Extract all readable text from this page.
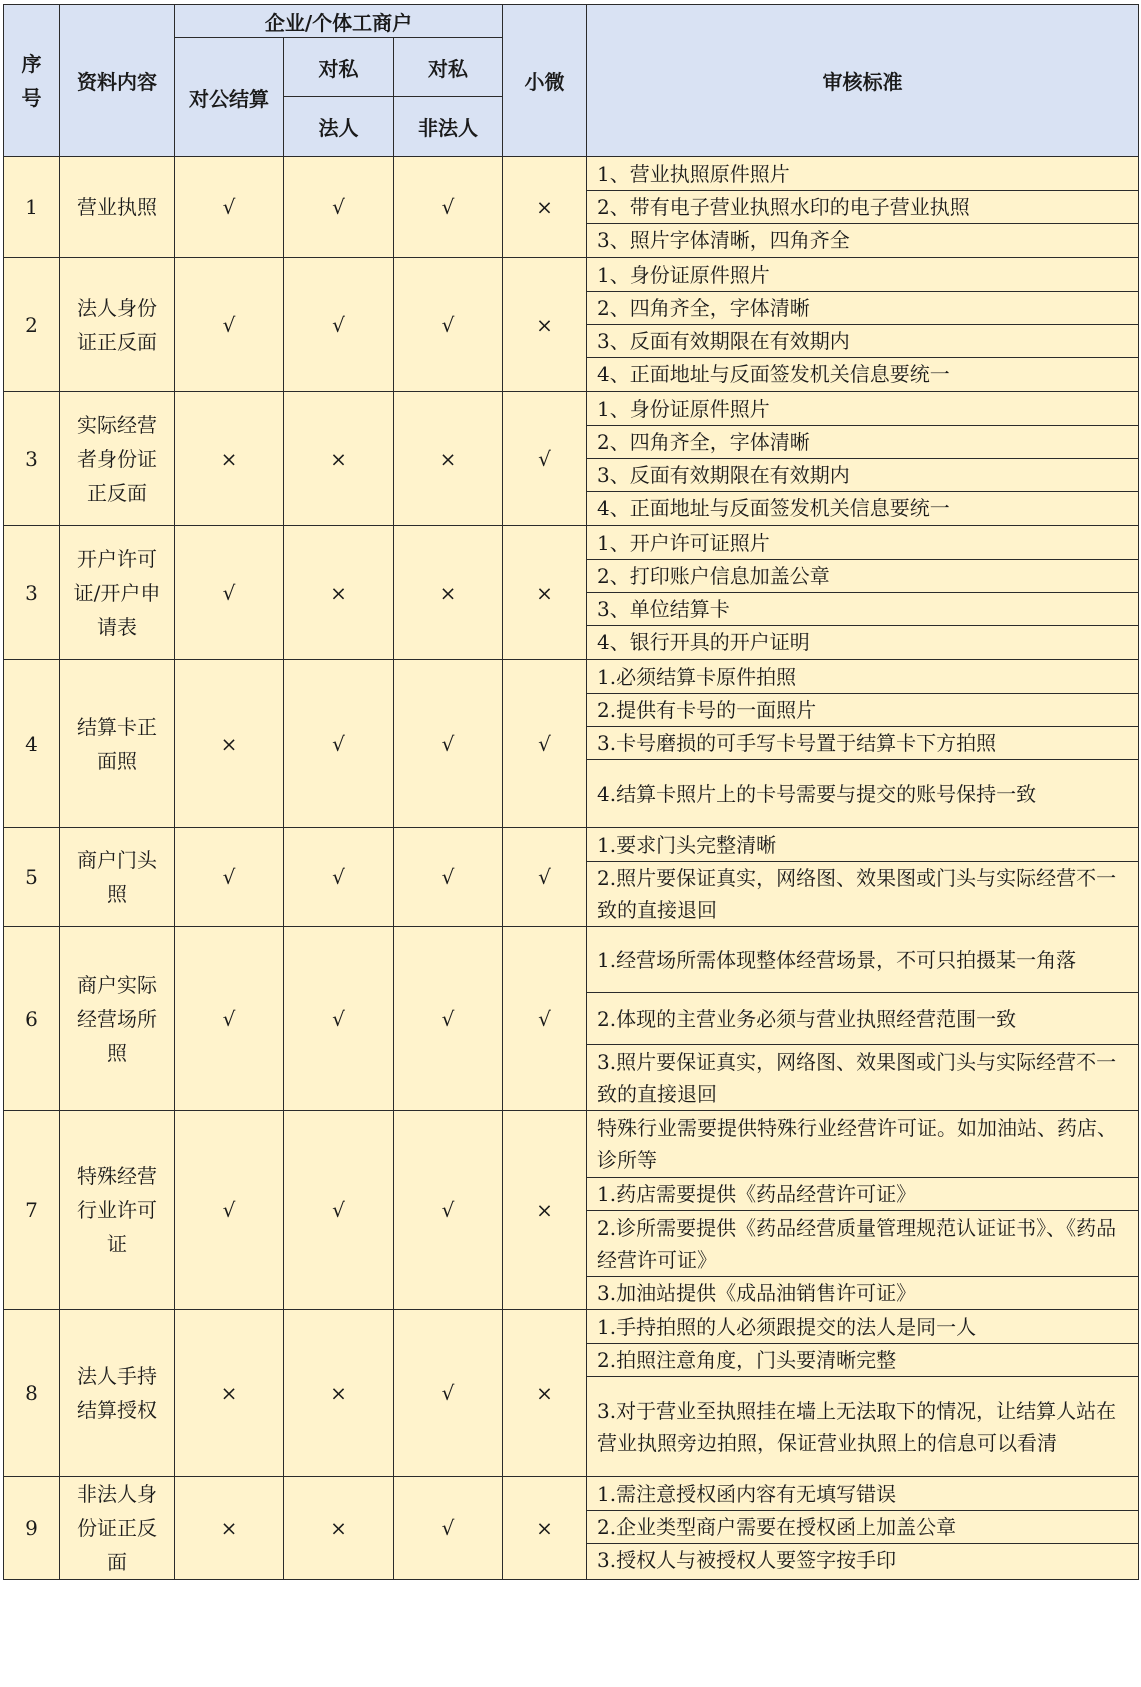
序
号	资料内容	企业/个体工商户			小微	审核标准
		对公结算	对私	对私		
			法人	非法人		
1	营业执照	√	√	√	×	1、营业执照原件照片
2、带有电子营业执照水印的电子营业执照
3、照片字体清晰，四角齐全

2	法人身份证正反面	√	√	√	×	1、身份证原件照片
2、四角齐全，字体清晰
3、反面有效期限在有效期内
4、正面地址与反面签发机关信息要统一

3	实际经营者身份证正反面	×	×	×	√	1、身份证原件照片
2、四角齐全，字体清晰
3、反面有效期限在有效期内
4、正面地址与反面签发机关信息要统一

3	开户许可证/开户申请表	√	×	×	×	1、开户许可证照片
2、打印账户信息加盖公章
3、单位结算卡
4、银行开具的开户证明

4	结算卡正面照	×	√	√	√	1.必须结算卡原件拍照
2.提供有卡号的一面照片
3.卡号磨损的可手写卡号置于结算卡下方拍照
4.结算卡照片上的卡号需要与提交的账号保持一致

5	商户门头照	√	√	√	√	1.要求门头完整清晰
2.照片要保证真实，网络图、效果图或门头与实际经营不一致的直接退回

6	商户实际经营场所照	√	√	√	√	1.经营场所需体现整体经营场景，不可只拍摄某一角落
2.体现的主营业务必须与营业执照经营范围一致
3.照片要保证真实，网络图、效果图或门头与实际经营不一致的直接退回

7	特殊经营行业许可证	√	√	√	×	特殊行业需要提供特殊行业经营许可证。如加油站、药店、诊所等
1.药店需要提供《药品经营许可证》
2.诊所需要提供《药品经营质量管理规范认证证书》、《药品经营许可证》
3.加油站提供《成品油销售许可证》

8	法人手持结算授权	×	×	√	×	1.手持拍照的人必须跟提交的法人是同一人
2.拍照注意角度，门头要清晰完整
3.对于营业至执照挂在墙上无法取下的情况，让结算人站在营业执照旁边拍照，保证营业执照上的信息可以看清

9	非法人身份证正反面	×	×	√	×	1.需注意授权函内容有无填写错误
2.企业类型商户需要在授权函上加盖公章
3.授权人与被授权人要签字按手印
